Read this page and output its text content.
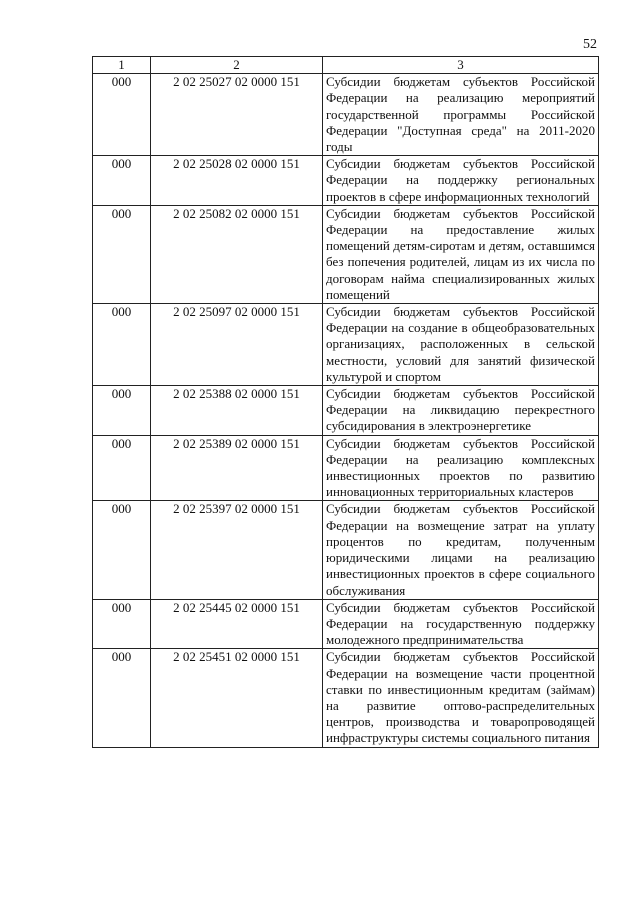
52
1	2	3
000	2 02 25027 02 0000 151	Субсидии бюджетам субъектов Российской Федерации на реализацию мероприятий государственной программы Российской Федерации "Доступная среда" на 2011-2020 годы
000	2 02 25028 02 0000 151	Субсидии бюджетам субъектов Российской Федерации на поддержку региональных проектов в сфере информационных технологий
000	2 02 25082 02 0000 151	Субсидии бюджетам субъектов Российской Федерации на предоставление жилых помещений детям-сиротам и детям, оставшимся без попечения родителей, лицам из их числа по договорам найма специализированных жилых помещений
000	2 02 25097 02 0000 151	Субсидии бюджетам субъектов Российской Федерации на создание в общеобразовательных организациях, расположенных в сельской местности, условий для занятий физической культурой и спортом
000	2 02 25388 02 0000 151	Субсидии бюджетам субъектов Российской Федерации на ликвидацию перекрестного субсидирования в электроэнергетике
000	2 02 25389 02 0000 151	Субсидии бюджетам субъектов Российской Федерации на реализацию комплексных инвестиционных проектов по развитию инновационных территориальных кластеров
000	2 02 25397 02 0000 151	Субсидии бюджетам субъектов Российской Федерации на возмещение затрат на уплату процентов по кредитам, полученным юридическими лицами на реализацию инвестиционных проектов в сфере социального обслуживания
000	2 02 25445 02 0000 151	Субсидии бюджетам субъектов Российской Федерации на государственную поддержку молодежного предпринимательства
000	2 02 25451 02 0000 151	Субсидии бюджетам субъектов Российской Федерации на возмещение части процентной ставки по инвестиционным кредитам (займам) на развитие оптово-распределительных центров, производства и товаропроводящей инфраструктуры системы социального питания
